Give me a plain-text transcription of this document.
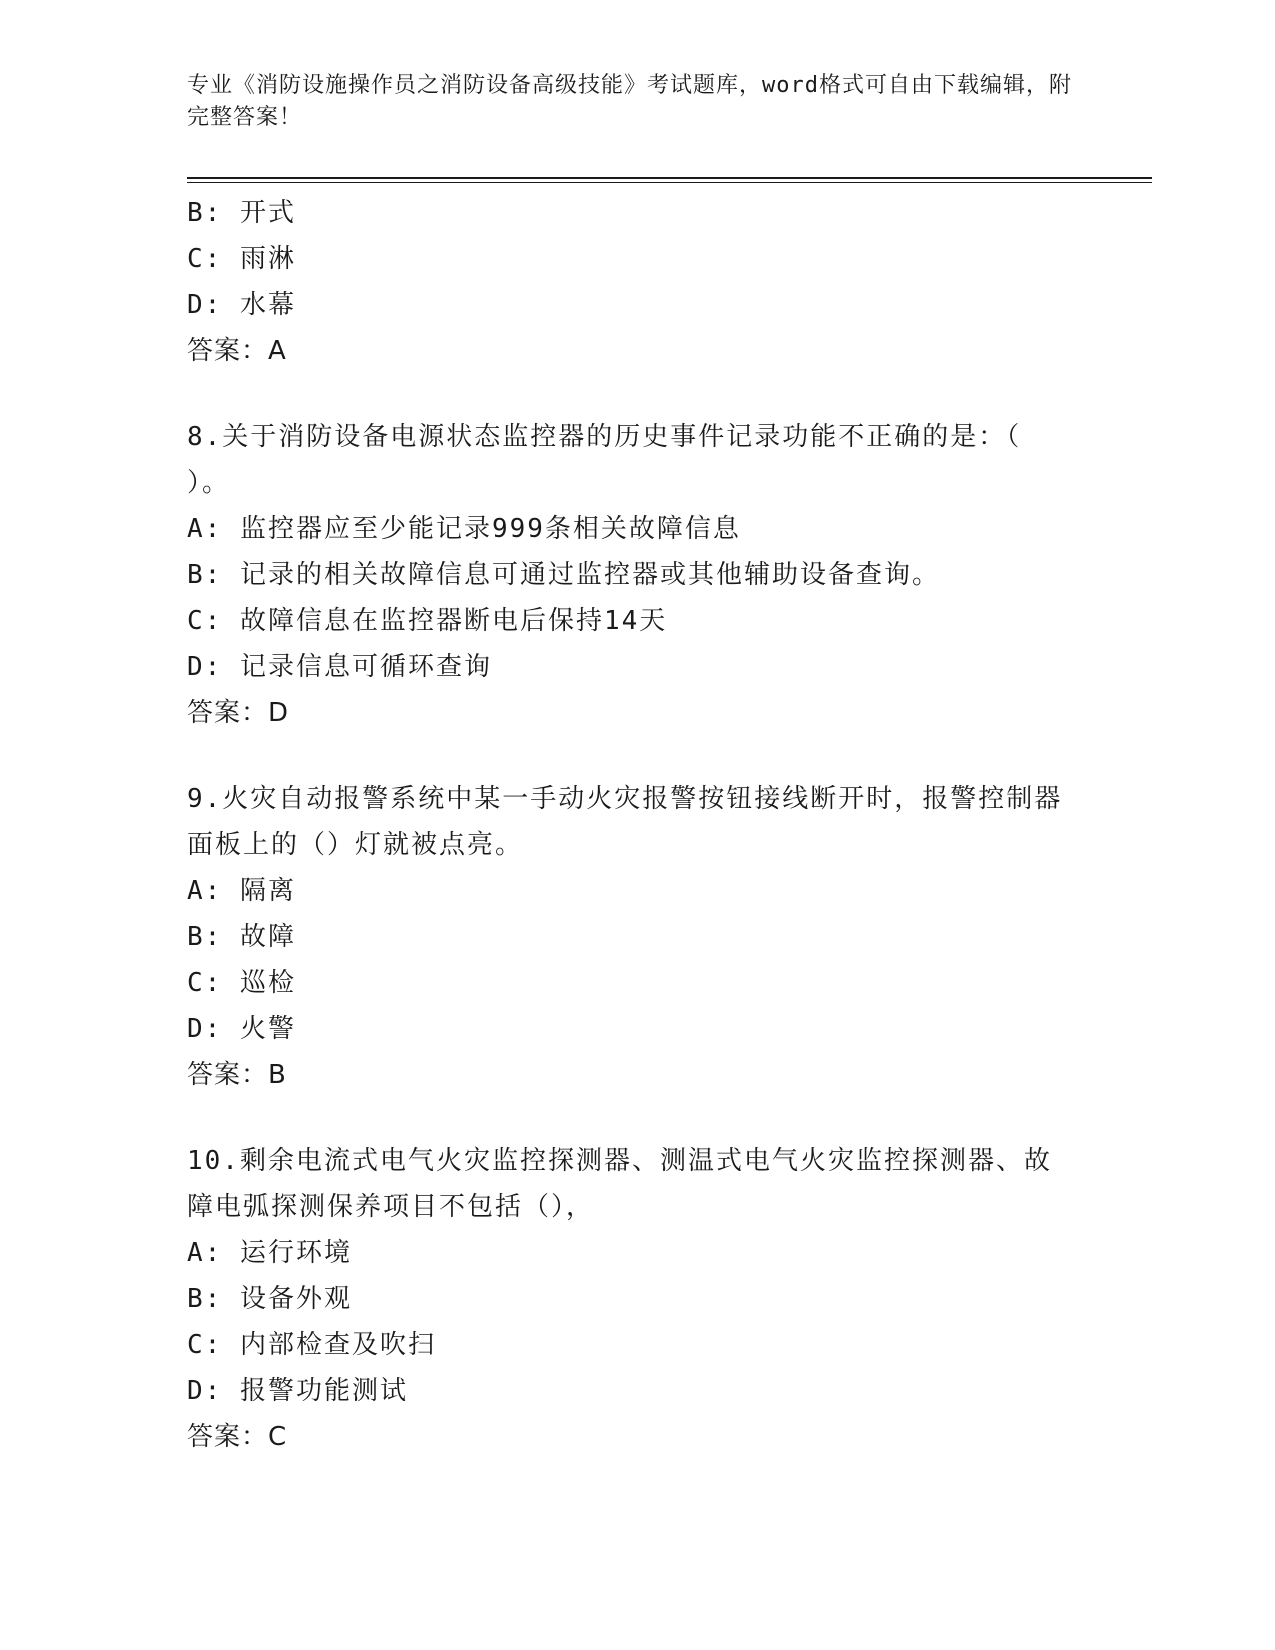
专业《消防设施操作员之消防设备高级技能》考试题库，word格式可自由下载编辑，附完整答案！
B: 开式
C: 雨淋
D: 水幕
答案：A
8.关于消防设备电源状态监控器的历史事件记录功能不正确的是：（ ）。
A: 监控器应至少能记录999条相关故障信息
B: 记录的相关故障信息可通过监控器或其他辅助设备查询。
C: 故障信息在监控器断电后保持14天
D: 记录信息可循环查询
答案：D
9.火灾自动报警系统中某一手动火灾报警按钮接线断开时，报警控制器面板上的（）灯就被点亮。
A: 隔离
B: 故障
C: 巡检
D: 火警
答案：B
10.剩余电流式电气火灾监控探测器、测温式电气火灾监控探测器、故障电弧探测保养项目不包括（），
A: 运行环境
B: 设备外观
C: 内部检查及吹扫
D: 报警功能测试
答案：C
